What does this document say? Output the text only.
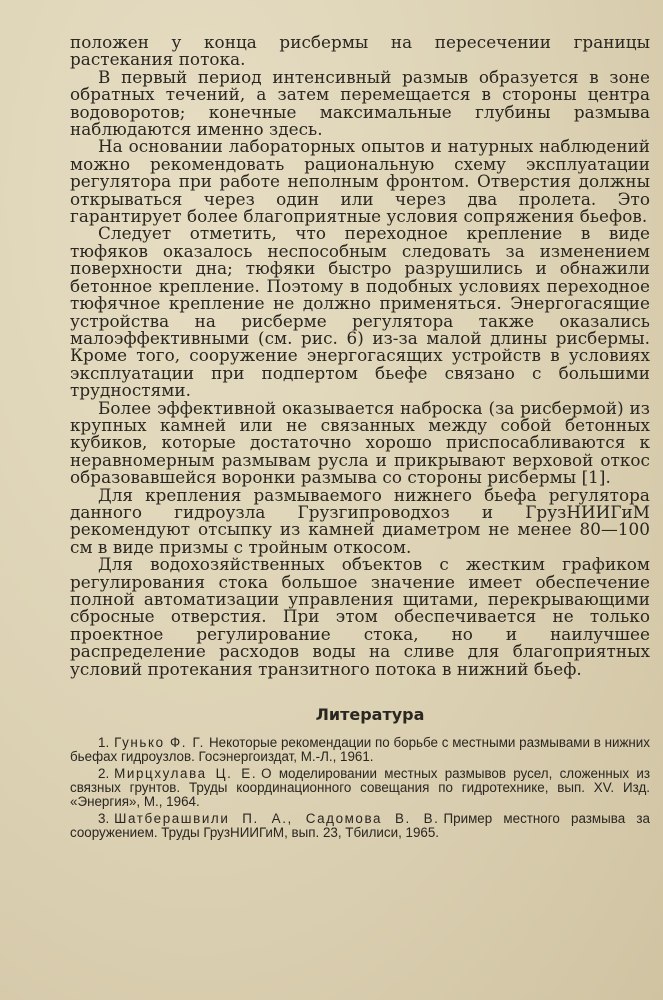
положен у конца рисбермы на пересечении границы растекания потока.

В первый период интенсивный размыв образуется в зоне обратных течений, а затем перемещается в стороны центра водоворотов; конечные максимальные глубины размыва наблюдаются именно здесь.

На основании лабораторных опытов и натурных наблюдений можно рекомендовать рациональную схему эксплуатации регулятора при работе неполным фронтом. Отверстия должны открываться через один или через два пролета. Это гарантирует более благоприятные условия сопряжения бьефов.

Следует отметить, что переходное крепление в виде тюфяков оказалось неспособным следовать за изменением поверхности дна; тюфяки быстро разрушились и обнажили бетонное крепление. Поэтому в подобных условиях переходное тюфячное крепление не должно применяться. Энергогасящие устройства на рисберме регулятора также оказались малоэффективными (см. рис. 6) из-за малой длины рисбермы. Кроме того, сооружение энергогасящих устройств в условиях эксплуатации при подпертом бьефе связано с большими трудностями.

Более эффективной оказывается наброска (за рисбермой) из крупных камней или не связанных между собой бетонных кубиков, которые достаточно хорошо приспосабливаются к неравномерным размывам русла и прикрывают верховой откос образовавшейся воронки размыва со стороны рисбермы [1].

Для крепления размываемого нижнего бьефа регулятора данного гидроузла Грузгипроводхоз и ГрузНИИГиМ рекомендуют отсыпку из камней диаметром не менее 80—100 см в виде призмы с тройным откосом.

Для водохозяйственных объектов с жестким графиком регулирования стока большое значение имеет обеспечение полной автоматизации управления щитами, перекрывающими сбросные отверстия. При этом обеспечивается не только проектное регулирование стока, но и наилучшее распределение расходов воды на сливе для благоприятных условий протекания транзитного потока в нижний бьеф.

Литература

1. Гунько Ф. Г. Некоторые рекомендации по борьбе с местными размывами в нижних бьефах гидроузлов. Госэнергоиздат, М.-Л., 1961.

2. Мирцхулава Ц. Е. О моделировании местных размывов русел, сложенных из связных грунтов. Труды координационного совещания по гидротехнике, вып. XV. Изд. «Энергия», М., 1964.

3. Шатберашвили П. А., Садомова В. В. Пример местного размыва за сооружением. Труды ГрузНИИГиМ, вып. 23, Тбилиси, 1965.
